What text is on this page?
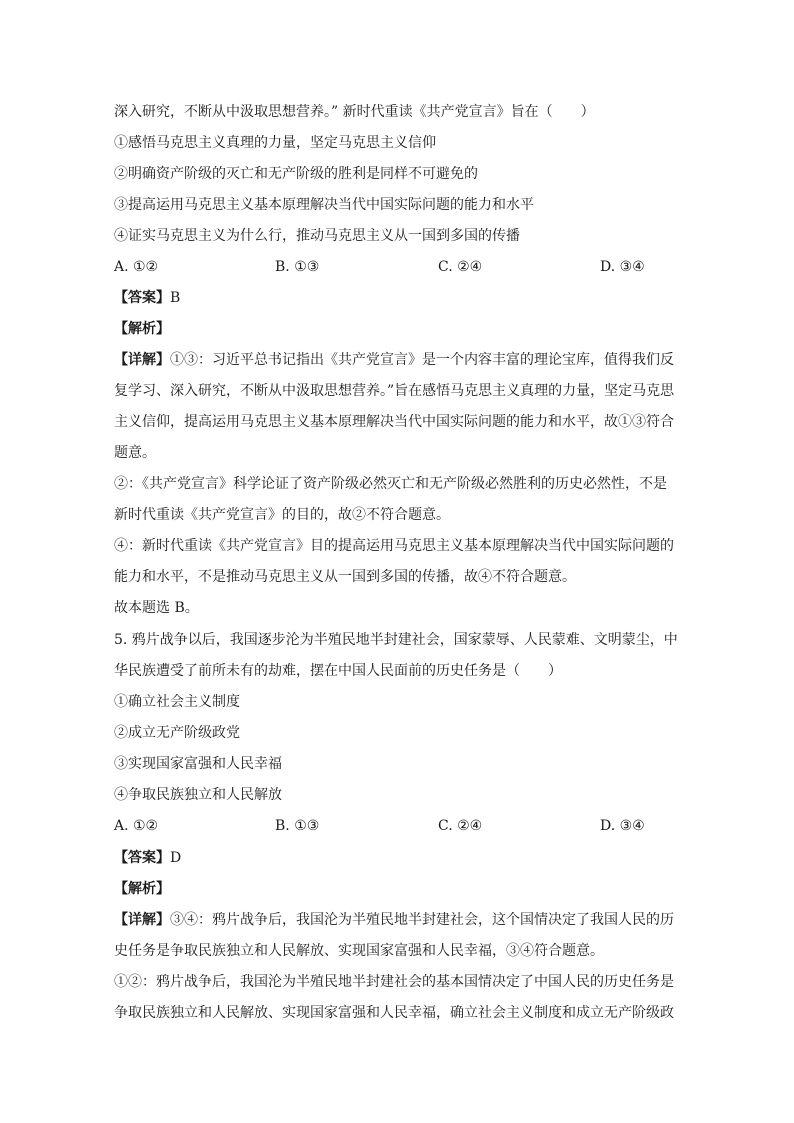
深入研究，不断从中汲取思想营养。” 新时代重读《共产党宣言》旨在（　　）
①感悟马克思主义真理的力量，坚定马克思主义信仰
②明确资产阶级的灭亡和无产阶级的胜利是同样不可避免的
③提高运用马克思主义基本原理解决当代中国实际问题的能力和水平
④证实马克思主义为什么行，推动马克思主义从一国到多国的传播
A. ①②	B. ①③	C. ②④	D. ③④
【答案】B
【解析】
【详解】①③：习近平总书记指出《共产党宣言》是一个内容丰富的理论宝库，值得我们反
复学习、深入研究，不断从中汲取思想营养。”旨在感悟马克思主义真理的力量，坚定马克思
主义信仰，提高运用马克思主义基本原理解决当代中国实际问题的能力和水平，故①③符合
题意。
②：《共产党宣言》科学论证了资产阶级必然灭亡和无产阶级必然胜利的历史必然性，不是
新时代重读《共产党宣言》的目的，故②不符合题意。
④：新时代重读《共产党宣言》目的提高运用马克思主义基本原理解决当代中国实际问题的
能力和水平，不是推动马克思主义从一国到多国的传播，故④不符合题意。
故本题选 B。
5. 鸦片战争以后，我国逐步沦为半殖民地半封建社会，国家蒙辱、人民蒙难、文明蒙尘，中
华民族遭受了前所未有的劫难，摆在中国人民面前的历史任务是（　　）
①确立社会主义制度
②成立无产阶级政党
③实现国家富强和人民幸福
④争取民族独立和人民解放
A. ①②	B. ①③	C. ②④	D. ③④
【答案】D
【解析】
【详解】③④：鸦片战争后，我国沦为半殖民地半封建社会，这个国情决定了我国人民的历
史任务是争取民族独立和人民解放、实现国家富强和人民幸福，③④符合题意。
①②：鸦片战争后，我国沦为半殖民地半封建社会的基本国情决定了中国人民的历史任务是
争取民族独立和人民解放、实现国家富强和人民幸福，确立社会主义制度和成立无产阶级政
